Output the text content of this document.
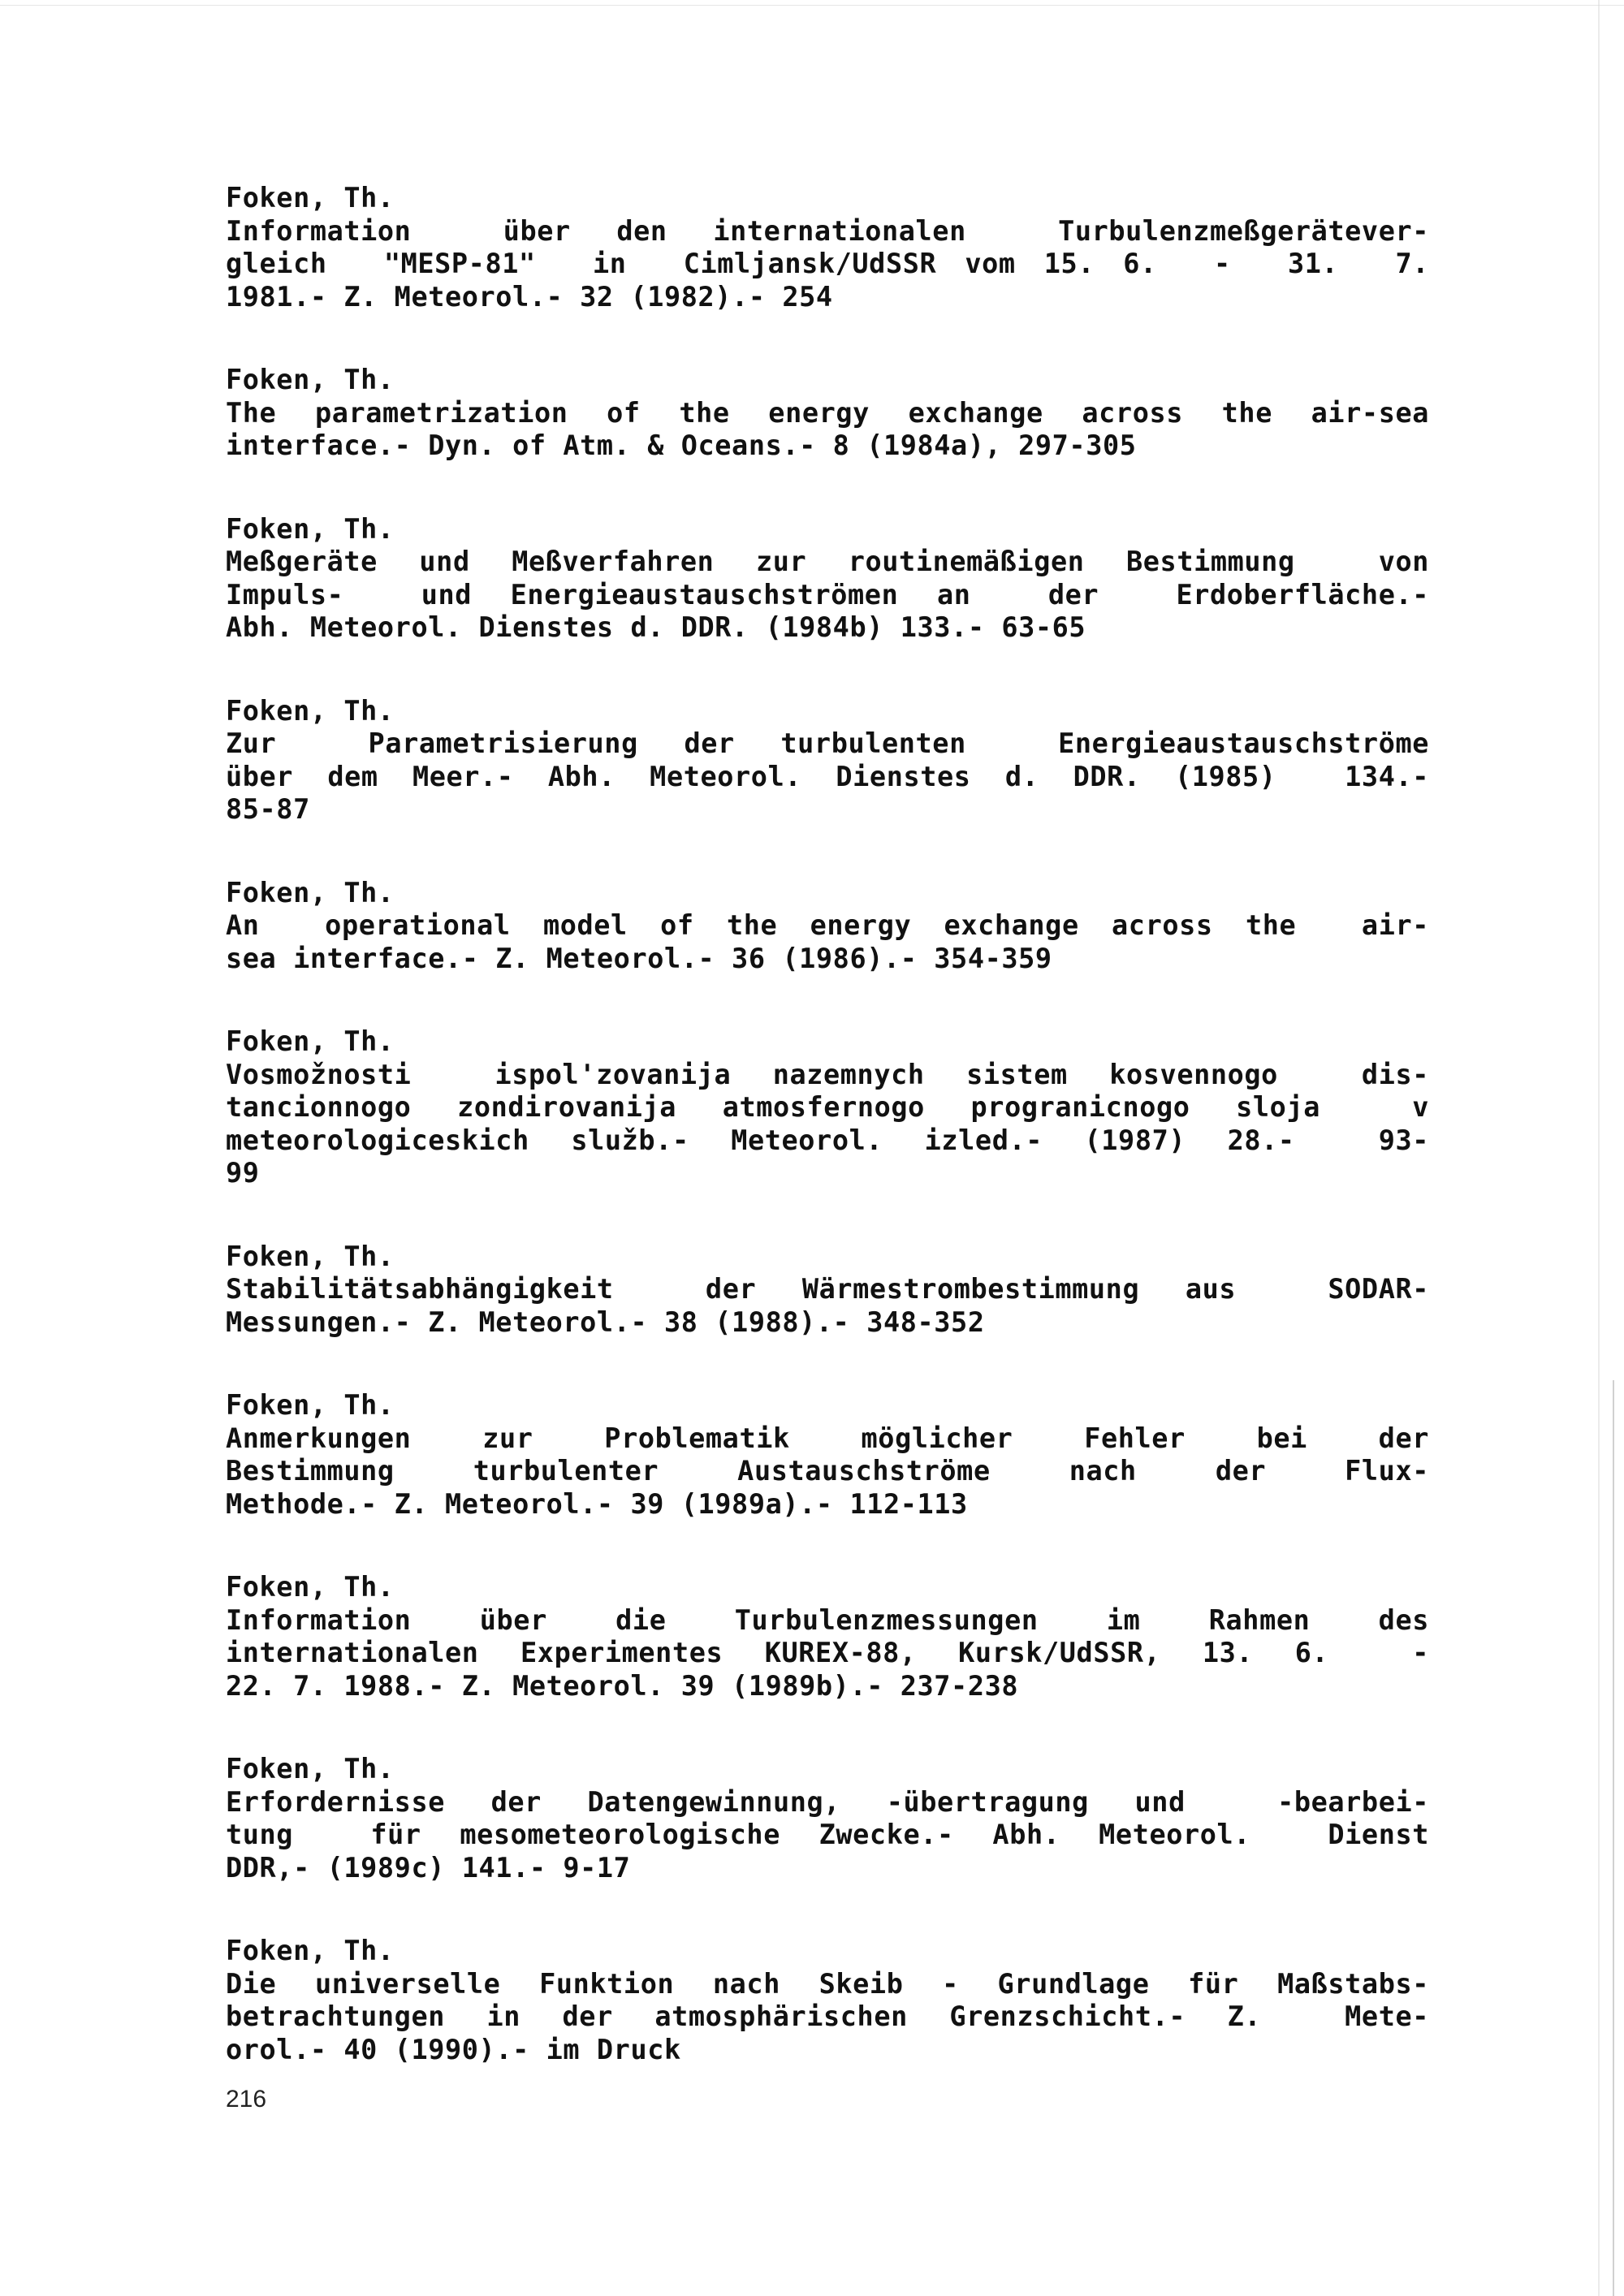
Foken, Th.
Information  über den internationalen  Turbulenzmeßgerätever-
gleich  "MESP-81"  in  Cimljansk/UdSSR vom 15. 6.  -  31.  7.
1981.- Z. Meteorol.- 32 (1982).- 254
Foken, Th.
The parametrization of the energy exchange across the air-sea
interface.- Dyn. of Atm. & Oceans.- 8 (1984a), 297-305
Foken, Th.
Meßgeräte und Meßverfahren zur routinemäßigen Bestimmung  von
Impuls-  und Energieaustauschströmen an  der  Erdoberfläche.-
Abh. Meteorol. Dienstes d. DDR. (1984b) 133.- 63-65
Foken, Th.
Zur  Parametrisierung der turbulenten  Energieaustauschströme
über dem Meer.- Abh. Meteorol. Dienstes d. DDR. (1985)  134.-
85-87
Foken, Th.
An  operational model of the energy exchange across the  air-
sea interface.- Z. Meteorol.- 36 (1986).- 354-359
Foken, Th.
Vosmožnosti  ispol'zovanija nazemnych sistem kosvennogo  dis-
tancionnogo zondirovanija atmosfernogo progranicnogo sloja  v
meteorologiceskich služb.- Meteorol. izled.- (1987) 28.-  93-
99
Foken, Th.
Stabilitätsabhängigkeit  der Wärmestrombestimmung aus  SODAR-
Messungen.- Z. Meteorol.- 38 (1988).- 348-352
Foken, Th.
Anmerkungen  zur  Problematik  möglicher  Fehler  bei  der
Bestimmung  turbulenter  Austauschströme  nach  der  Flux-
Methode.- Z. Meteorol.- 39 (1989a).- 112-113
Foken, Th.
Information  über  die  Turbulenzmessungen  im  Rahmen  des
internationalen Experimentes KUREX-88, Kursk/UdSSR, 13. 6.  -
22. 7. 1988.- Z. Meteorol. 39 (1989b).- 237-238
Foken, Th.
Erfordernisse der Datengewinnung, -übertragung und  -bearbei-
tung  für mesometeorologische Zwecke.- Abh. Meteorol.  Dienst
DDR,- (1989c) 141.- 9-17
Foken, Th.
Die universelle Funktion nach Skeib - Grundlage für Maßstabs-
betrachtungen in der atmosphärischen Grenzschicht.- Z.  Mete-
orol.- 40 (1990).- im Druck
216
